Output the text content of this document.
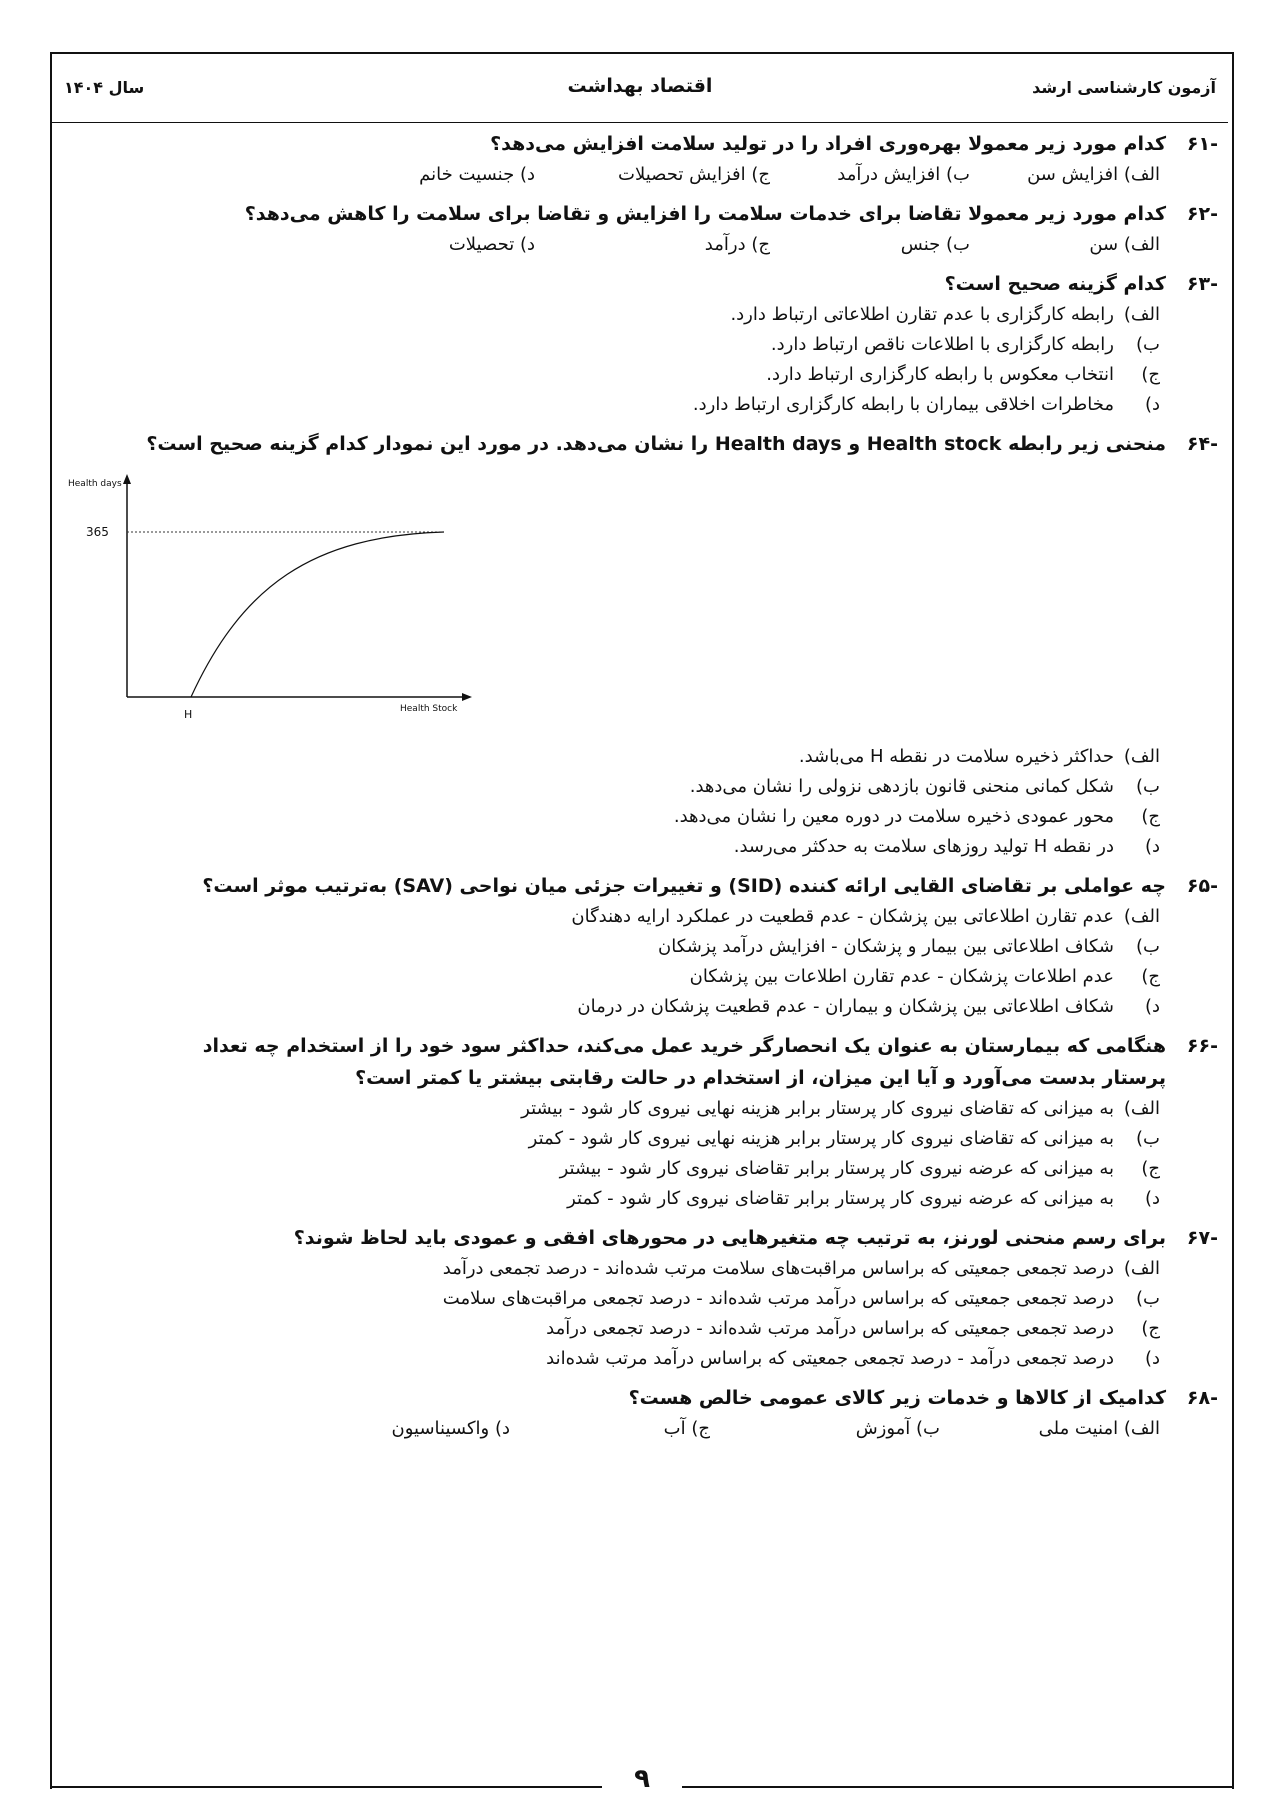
۹
آزمون کارشناسی ارشد
اقتصاد بهداشت
سال ۱۴۰۴
-۶۱
کدام مورد زیر معمولا بهره‌وری افراد را در تولید سلامت افزایش می‌دهد؟
الف) افزایش سن
ب) افزایش درآمد
ج) افزایش تحصیلات
د) جنسیت خانم
-۶۲
کدام مورد زیر معمولا تقاضا برای خدمات سلامت را افزایش و تقاضا برای سلامت را کاهش می‌دهد؟
الف) سن
ب) جنس
ج) درآمد
د) تحصیلات
-۶۳
کدام گزینه صحیح است؟
الف)
رابطه کارگزاری با عدم تقارن اطلاعاتی ارتباط دارد.
ب)
رابطه کارگزاری با اطلاعات ناقص ارتباط دارد.
ج)
انتخاب معکوس با رابطه کارگزاری ارتباط دارد.
د)
مخاطرات اخلاقی بیماران با رابطه کارگزاری ارتباط دارد.
-۶۴
منحنی زیر رابطه Health stock و Health days را نشان می‌دهد. در مورد این نمودار کدام گزینه صحیح است؟
Health days
Health Stock
365
H
الف)
حداکثر ذخیره سلامت در نقطه H می‌باشد.
ب)
شکل کمانی منحنی قانون بازدهی نزولی را نشان می‌دهد.
ج)
محور عمودی ذخیره سلامت در دوره معین را نشان می‌دهد.
د)
در نقطه H تولید روزهای سلامت به حدکثر می‌رسد.
-۶۵
چه عواملی بر تقاضای القایی ارائه کننده (SID) و تغییرات جزئی میان نواحی (SAV) به‌ترتیب موثر است؟
الف)
عدم تقارن اطلاعاتی بین پزشکان - عدم قطعیت در عملکرد ارایه دهندگان
ب)
شکاف اطلاعاتی بین بیمار و پزشکان - افزایش درآمد پزشکان
ج)
عدم اطلاعات پزشکان - عدم تقارن اطلاعات بین پزشکان
د)
شکاف اطلاعاتی بین پزشکان و بیماران - عدم قطعیت پزشکان در درمان
-۶۶
هنگامی که بیمارستان به عنوان یک انحصارگر خرید عمل می‌کند، حداکثر سود خود را از استخدام چه تعداد
پرستار بدست می‌آورد و آیا این میزان، از استخدام در حالت رقابتی بیشتر یا کمتر است؟
الف)
به میزانی که تقاضای نیروی کار پرستار برابر هزینه نهایی نیروی کار شود - بیشتر
ب)
به میزانی که تقاضای نیروی کار پرستار برابر هزینه نهایی نیروی کار شود - کمتر
ج)
به میزانی که عرضه نیروی کار پرستار برابر تقاضای نیروی کار شود - بیشتر
د)
به میزانی که عرضه نیروی کار پرستار برابر تقاضای نیروی کار شود - کمتر
-۶۷
برای رسم منحنی لورنز، به ترتیب چه متغیرهایی در محورهای افقی و عمودی باید لحاظ شوند؟
الف)
درصد تجمعی جمعیتی که براساس مراقبت‌های سلامت مرتب شده‌اند - درصد تجمعی درآمد
ب)
درصد تجمعی جمعیتی که براساس درآمد مرتب شده‌اند - درصد تجمعی مراقبت‌های سلامت
ج)
درصد تجمعی جمعیتی که براساس درآمد مرتب شده‌اند - درصد تجمعی درآمد
د)
درصد تجمعی درآمد - درصد تجمعی جمعیتی که براساس درآمد مرتب شده‌اند
-۶۸
کدامیک از کالاها و خدمات زیر کالای عمومی خالص هست؟
الف) امنیت ملی
ب) آموزش
ج) آب
د) واکسیناسیون
